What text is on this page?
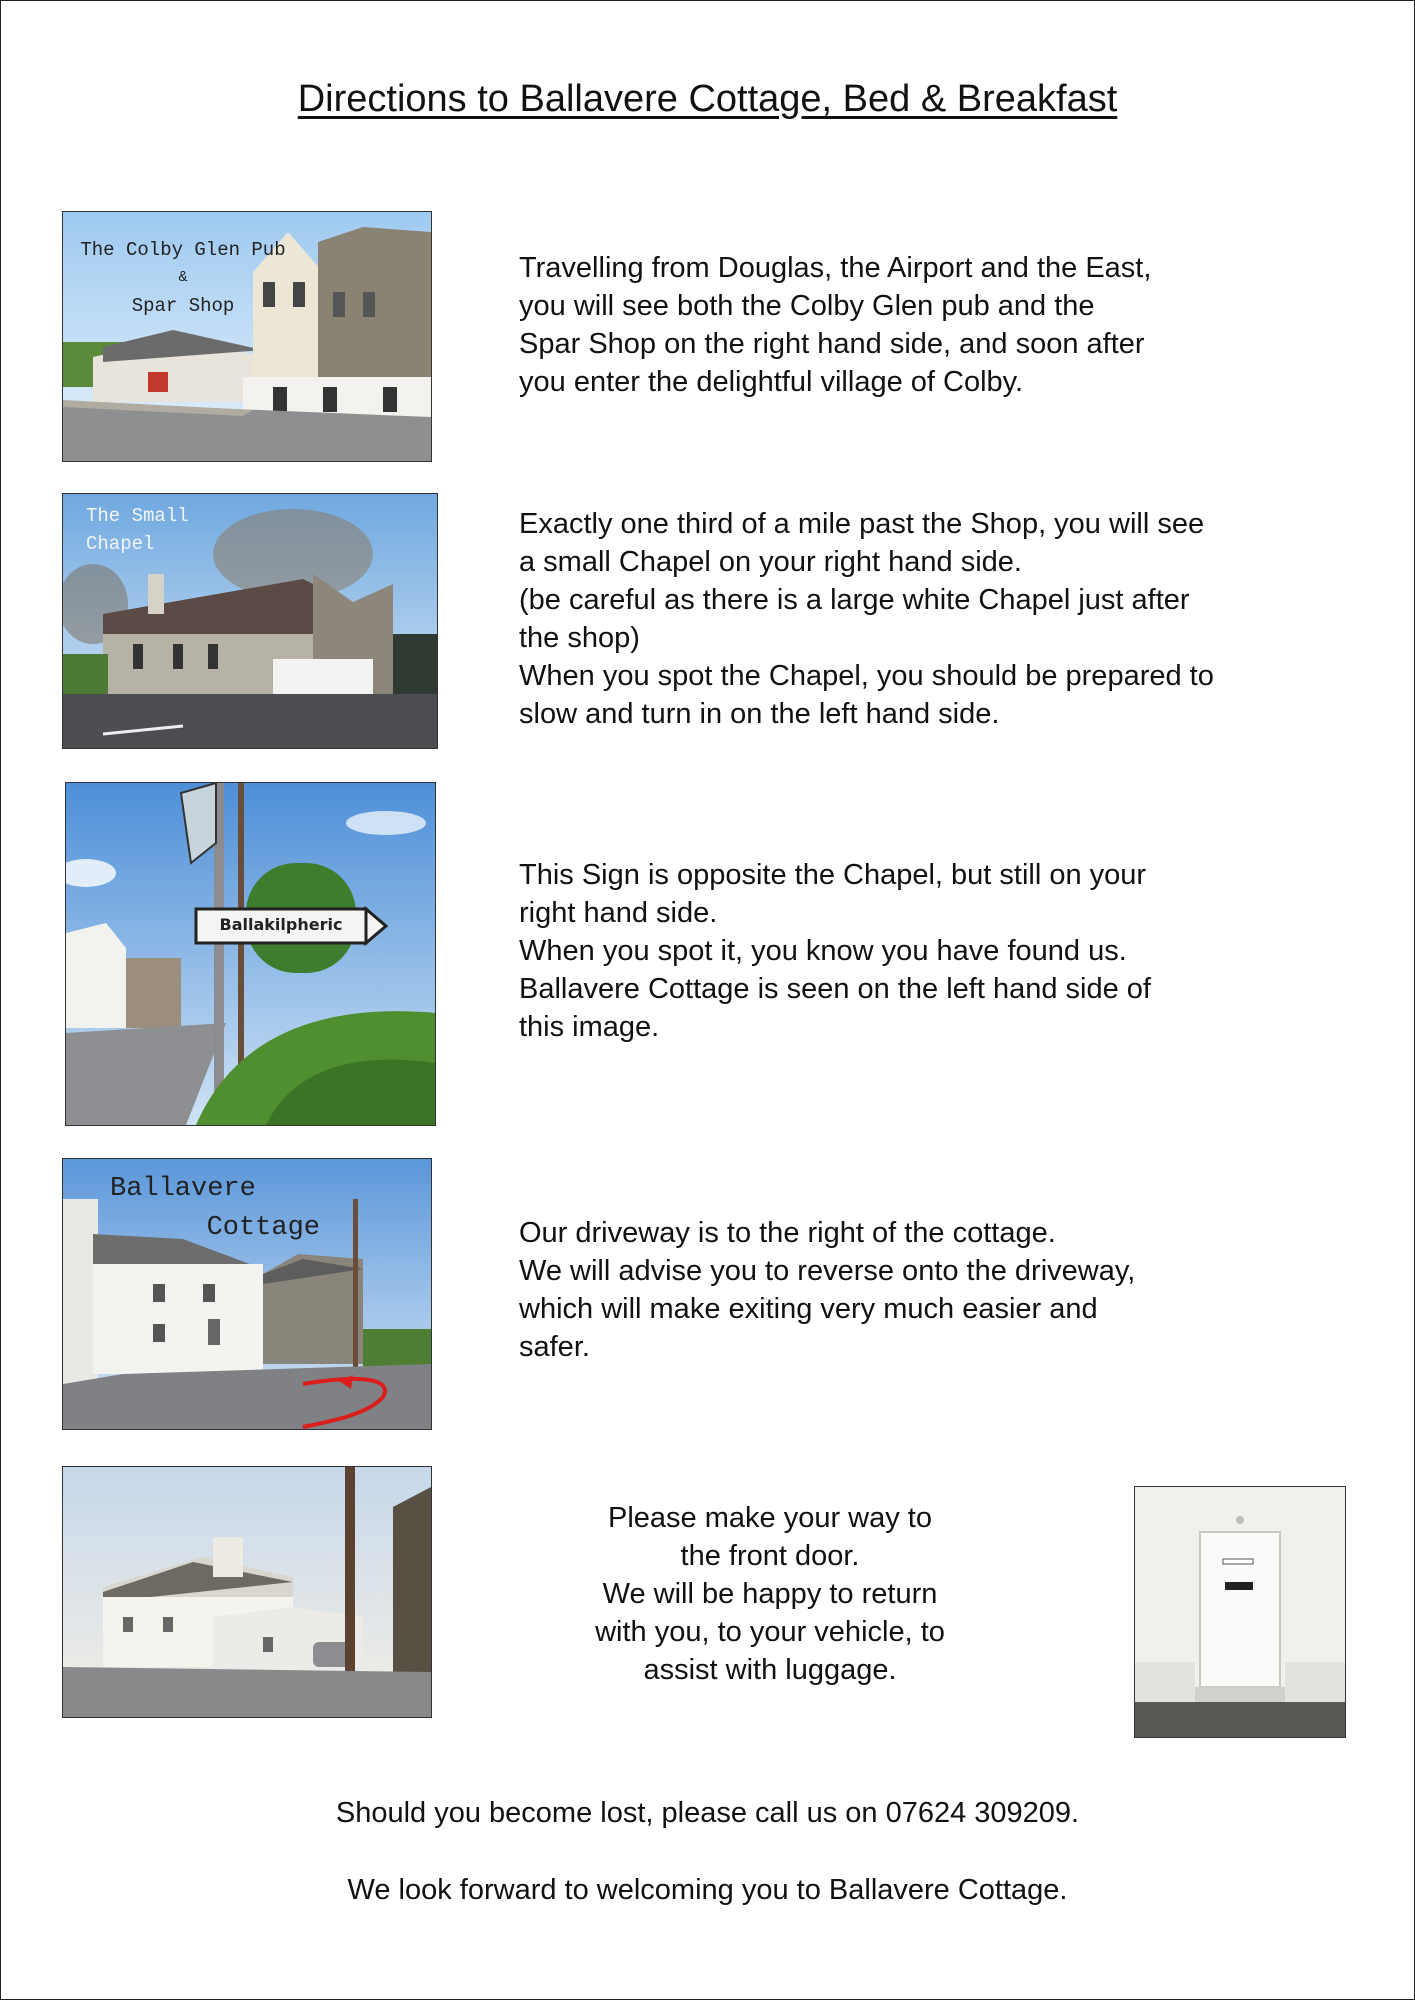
Directions to Ballavere Cottage, Bed & Breakfast
The Colby Glen Pub
&
Spar Shop
Travelling from Douglas, the Airport and the East,
you will see both the Colby Glen pub and the
Spar Shop on the right hand side, and soon after
you enter the delightful village of Colby.
The Small
Chapel
Exactly one third of a mile past the Shop, you will see
a small Chapel on your right hand side.
(be careful as there is a large white Chapel just after
the shop)
When you spot the Chapel, you should be prepared to
slow and turn in on the left hand side.
Ballakilpheric
This Sign is opposite the Chapel, but still on your
right hand side.
When you spot it, you know you have found us.
Ballavere Cottage is seen on the left hand side of
this image.
Ballavere
Cottage	Our driveway is to the right of the cottage.
We will advise you to reverse onto the driveway,
which will make exiting very much easier and
safer.
Please make your way to
the front door.
We will be happy to return
with you, to your vehicle, to
assist with luggage.
Should you become lost, please call us on 07624 309209.
We look forward to welcoming you to Ballavere Cottage.
